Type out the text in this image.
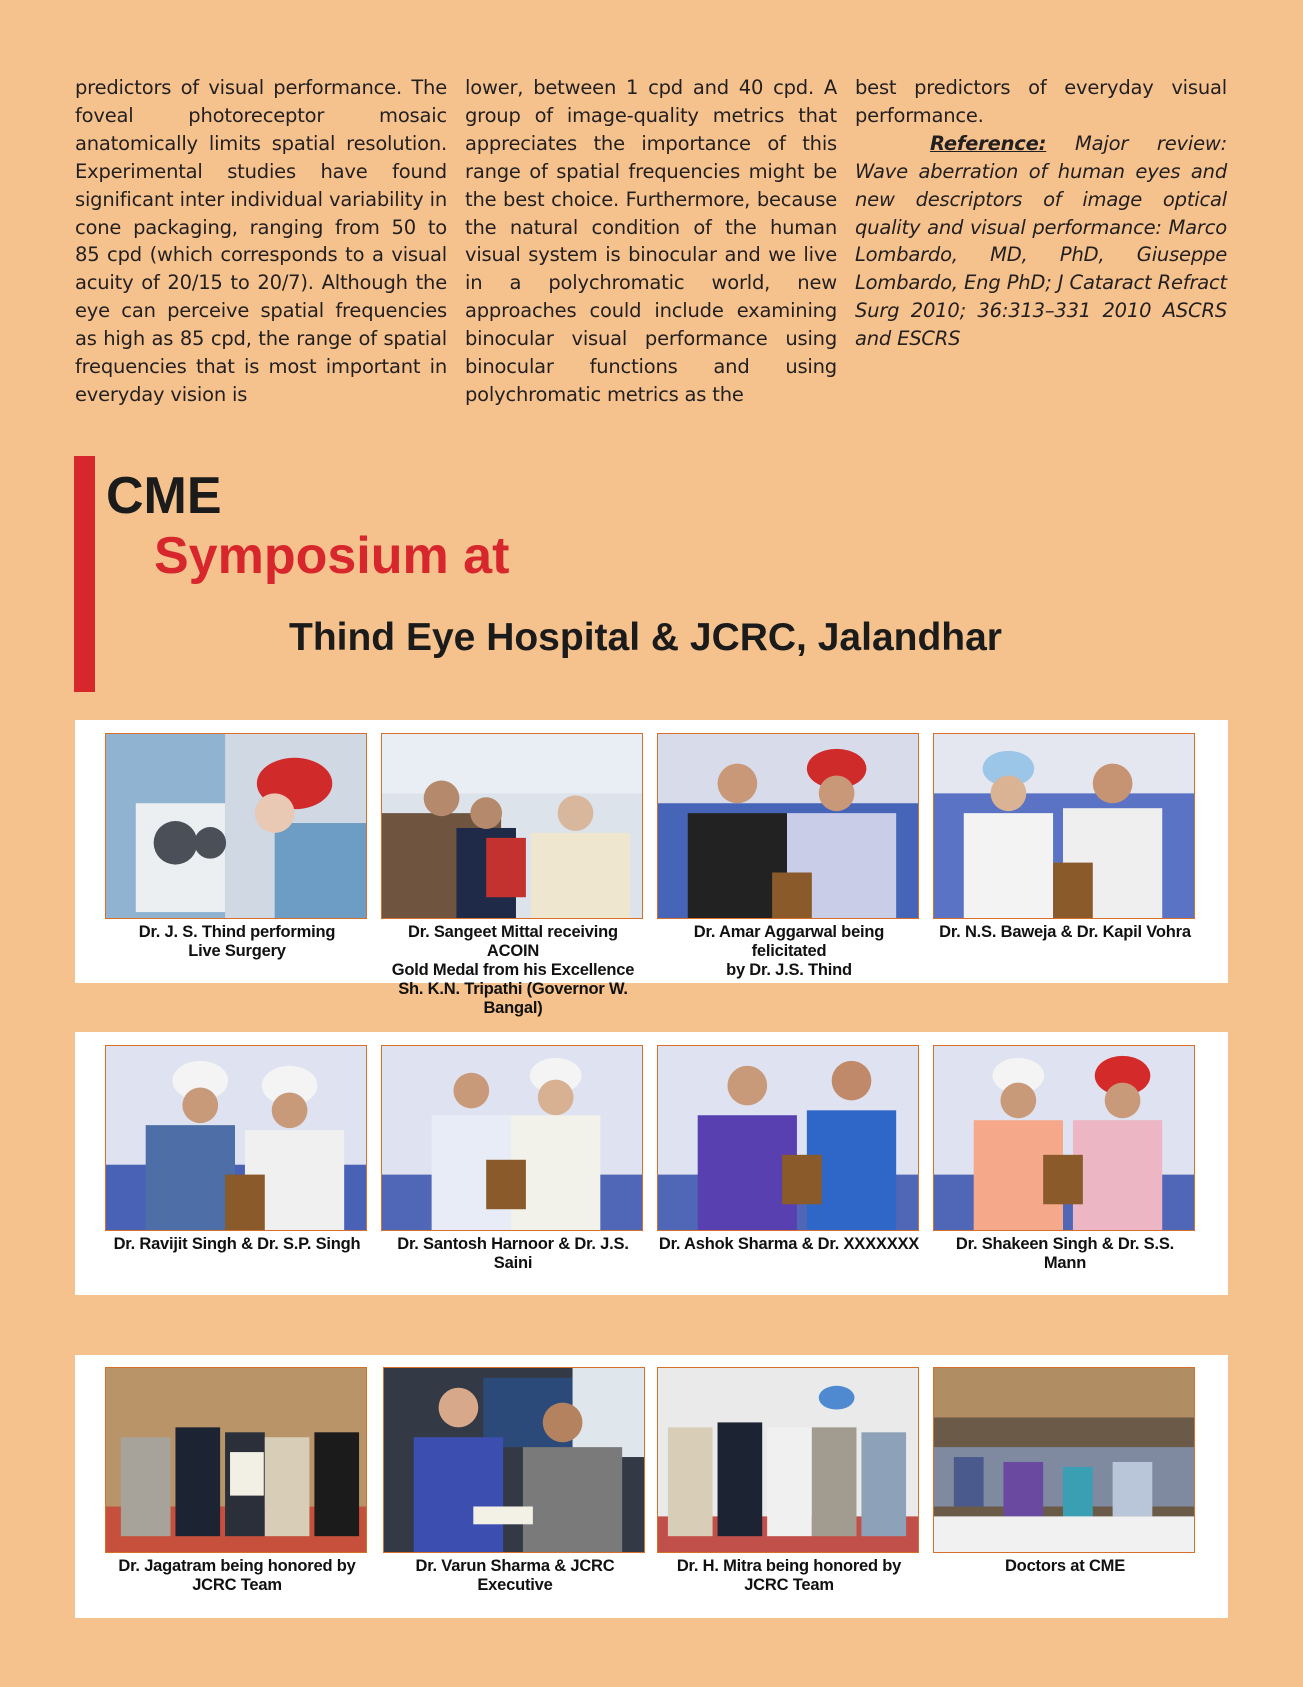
predictors of visual performance. The foveal photoreceptor mosaic anatomically limits spatial resolution. Experimental studies have found significant inter individual variability in cone packaging, ranging from 50 to 85 cpd (which corresponds to a visual acuity of 20/15 to 20/7). Although the eye can perceive spatial frequencies as high as 85 cpd, the range of spatial frequencies that is most important in everyday vision is

lower, between 1 cpd and 40 cpd. A group of image-quality metrics that appreciates the importance of this range of spatial frequencies might be the best choice. Furthermore, because the natural condition of the human visual system is binocular and we live in a polychromatic world, new approaches could include examining binocular visual performance using binocular functions and using polychromatic metrics as the

best predictors of everyday visual performance.

Reference: Major review: Wave aberration of human eyes and new descriptors of image optical quality and visual performance: Marco Lombardo, MD, PhD, Giuseppe Lombardo, Eng PhD; J Cataract Refract Surg 2010; 36:313–331 2010 ASCRS and ESCRS

CME
Symposium at
Thind Eye Hospital & JCRC, Jalandhar
Dr. J. S. Thind performing
Live Surgery
Dr. Sangeet Mittal receiving ACOIN
Gold Medal from his Excellence
Sh. K.N. Tripathi (Governor W. Bangal)
Dr. Amar Aggarwal being felicitated
by Dr. J.S. Thind
Dr. N.S. Baweja & Dr. Kapil Vohra
Dr. Ravijit Singh & Dr. S.P. Singh	Dr. Santosh Harnoor & Dr. J.S. Saini
Dr. Ashok Sharma & Dr. XXXXXXX	Dr. Shakeen Singh & Dr. S.S. Mann
Dr. Jagatram being honored by
JCRC Team
Dr. Varun Sharma & JCRC Executive
Dr. H. Mitra being honored by
JCRC Team
Doctors at CME
